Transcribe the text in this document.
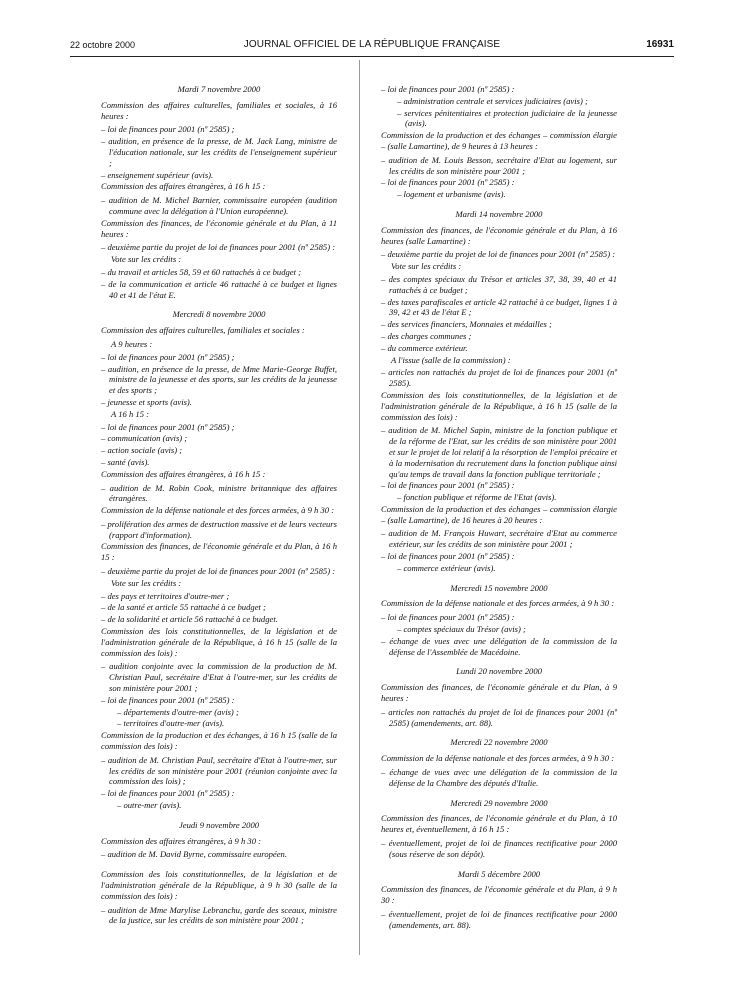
22 octobre 2000	JOURNAL OFFICIEL DE LA RÉPUBLIQUE FRANÇAISE	16931
Mardi 7 novembre 2000
Commission des affaires culturelles, familiales et sociales, à 16 heures :
– loi de finances pour 2001 (nº 2585) ;
– audition, en présence de la presse, de M. Jack Lang, ministre de l'éducation nationale, sur les crédits de l'enseignement supérieur ;
– enseignement supérieur (avis).
Commission des affaires étrangères, à 16 h 15 :
– audition de M. Michel Barnier, commissaire européen (audition commune avec la délégation à l'Union européenne).
Commission des finances, de l'économie générale et du Plan, à 11 heures :
– deuxième partie du projet de loi de finances pour 2001 (nº 2585) :
Vote sur les crédits :
– du travail et articles 58, 59 et 60 rattachés à ce budget ;
– de la communication et article 46 rattaché à ce budget et lignes 40 et 41 de l'état E.
Mercredi 8 novembre 2000
Commission des affaires culturelles, familiales et sociales :
A 9 heures :
– loi de finances pour 2001 (nº 2585) ;
– audition, en présence de la presse, de Mme Marie-George Buffet, ministre de la jeunesse et des sports, sur les crédits de la jeunesse et des sports ;
– jeunesse et sports (avis).
A 16 h 15 :
– loi de finances pour 2001 (nº 2585) ;
– communication (avis) ;
– action sociale (avis) ;
– santé (avis).
Commission des affaires étrangères, à 16 h 15 :
– audition de M. Robin Cook, ministre britannique des affaires étrangères.
Commission de la défense nationale et des forces armées, à 9 h 30 :
– prolifération des armes de destruction massive et de leurs vecteurs (rapport d'information).
Commission des finances, de l'économie générale et du Plan, à 16 h 15 :
– deuxième partie du projet de loi de finances pour 2001 (nº 2585) :
Vote sur les crédits :
– des pays et territoires d'outre-mer ;
– de la santé et article 55 rattaché à ce budget ;
– de la solidarité et article 56 rattaché à ce budget.
Commission des lois constitutionnelles, de la législation et de l'administration générale de la République, à 16 h 15 (salle de la commission des lois) :
– audition conjointe avec la commission de la production de M. Christian Paul, secrétaire d'Etat à l'outre-mer, sur les crédits de son ministère pour 2001 ;
– loi de finances pour 2001 (nº 2585) :
– départements d'outre-mer (avis) ;
– territoires d'outre-mer (avis).
Commission de la production et des échanges, à 16 h 15 (salle de la commission des lois) :
– audition de M. Christian Paul, secrétaire d'Etat à l'outre-mer, sur les crédits de son ministère pour 2001 (réunion conjointe avec la commission des lois) ;
– loi de finances pour 2001 (nº 2585) :
– outre-mer (avis).
Jeudi 9 novembre 2000
Commission des affaires étrangères, à 9 h 30 :
– audition de M. David Byrne, commissaire européen.
Commission des lois constitutionnelles, de la législation et de l'administration générale de la République, à 9 h 30 (salle de la commission des lois) :
– audition de Mme Marylise Lebranchu, garde des sceaux, ministre de la justice, sur les crédits de son ministère pour 2001 ;
– loi de finances pour 2001 (nº 2585) :
– administration centrale et services judiciaires (avis) ;
– services pénitentiaires et protection judiciaire de la jeunesse (avis).
Commission de la production et des échanges – commission élargie – (salle Lamartine), de 9 heures à 13 heures :
– audition de M. Louis Besson, secrétaire d'Etat au logement, sur les crédits de son ministère pour 2001 ;
– loi de finances pour 2001 (nº 2585) :
– logement et urbanisme (avis).
Mardi 14 novembre 2000
Commission des finances, de l'économie générale et du Plan, à 16 heures (salle Lamartine) :
– deuxième partie du projet de loi de finances pour 2001 (nº 2585) :
Vote sur les crédits :
– des comptes spéciaux du Trésor et articles 37, 38, 39, 40 et 41 rattachés à ce budget ;
– des taxes parafiscales et article 42 rattaché à ce budget, lignes 1 à 39, 42 et 43 de l'état E ;
– des services financiers, Monnaies et médailles ;
– des charges communes ;
– du commerce extérieur.
A l'issue (salle de la commission) :
– articles non rattachés du projet de loi de finances pour 2001 (nº 2585).
Commission des lois constitutionnelles, de la législation et de l'administration générale de la République, à 16 h 15 (salle de la commission des lois) :
– audition de M. Michel Sapin, ministre de la fonction publique et de la réforme de l'Etat, sur les crédits de son ministère pour 2001 et sur le projet de loi relatif à la résorption de l'emploi précaire et à la modernisation du recrutement dans la fonction publique ainsi qu'au temps de travail dans la fonction publique territoriale ;
– loi de finances pour 2001 (nº 2585) :
– fonction publique et réforme de l'Etat (avis).
Commission de la production et des échanges – commission élargie – (salle Lamartine), de 16 heures à 20 heures :
– audition de M. François Huwart, secrétaire d'Etat au commerce extérieur, sur les crédits de son ministère pour 2001 ;
– loi de finances pour 2001 (nº 2585) :
– commerce extérieur (avis).
Mercredi 15 novembre 2000
Commission de la défense nationale et des forces armées, à 9 h 30 :
– loi de finances pour 2001 (nº 2585) :
– comptes spéciaux du Trésor (avis) ;
– échange de vues avec une délégation de la commission de la défense de l'Assemblée de Macédoine.
Lundi 20 novembre 2000
Commission des finances, de l'économie générale et du Plan, à 9 heures :
– articles non rattachés du projet de loi de finances pour 2001 (nº 2585) (amendements, art. 88).
Mercredi 22 novembre 2000
Commission de la défense nationale et des forces armées, à 9 h 30 :
– échange de vues avec une délégation de la commission de la défense de la Chambre des députés d'Italie.
Mercredi 29 novembre 2000
Commission des finances, de l'économie générale et du Plan, à 10 heures et, éventuellement, à 16 h 15 :
– éventuellement, projet de loi de finances rectificative pour 2000 (sous réserve de son dépôt).
Mardi 5 décembre 2000
Commission des finances, de l'économie générale et du Plan, à 9 h 30 :
– éventuellement, projet de loi de finances rectificative pour 2000 (amendements, art. 88).
